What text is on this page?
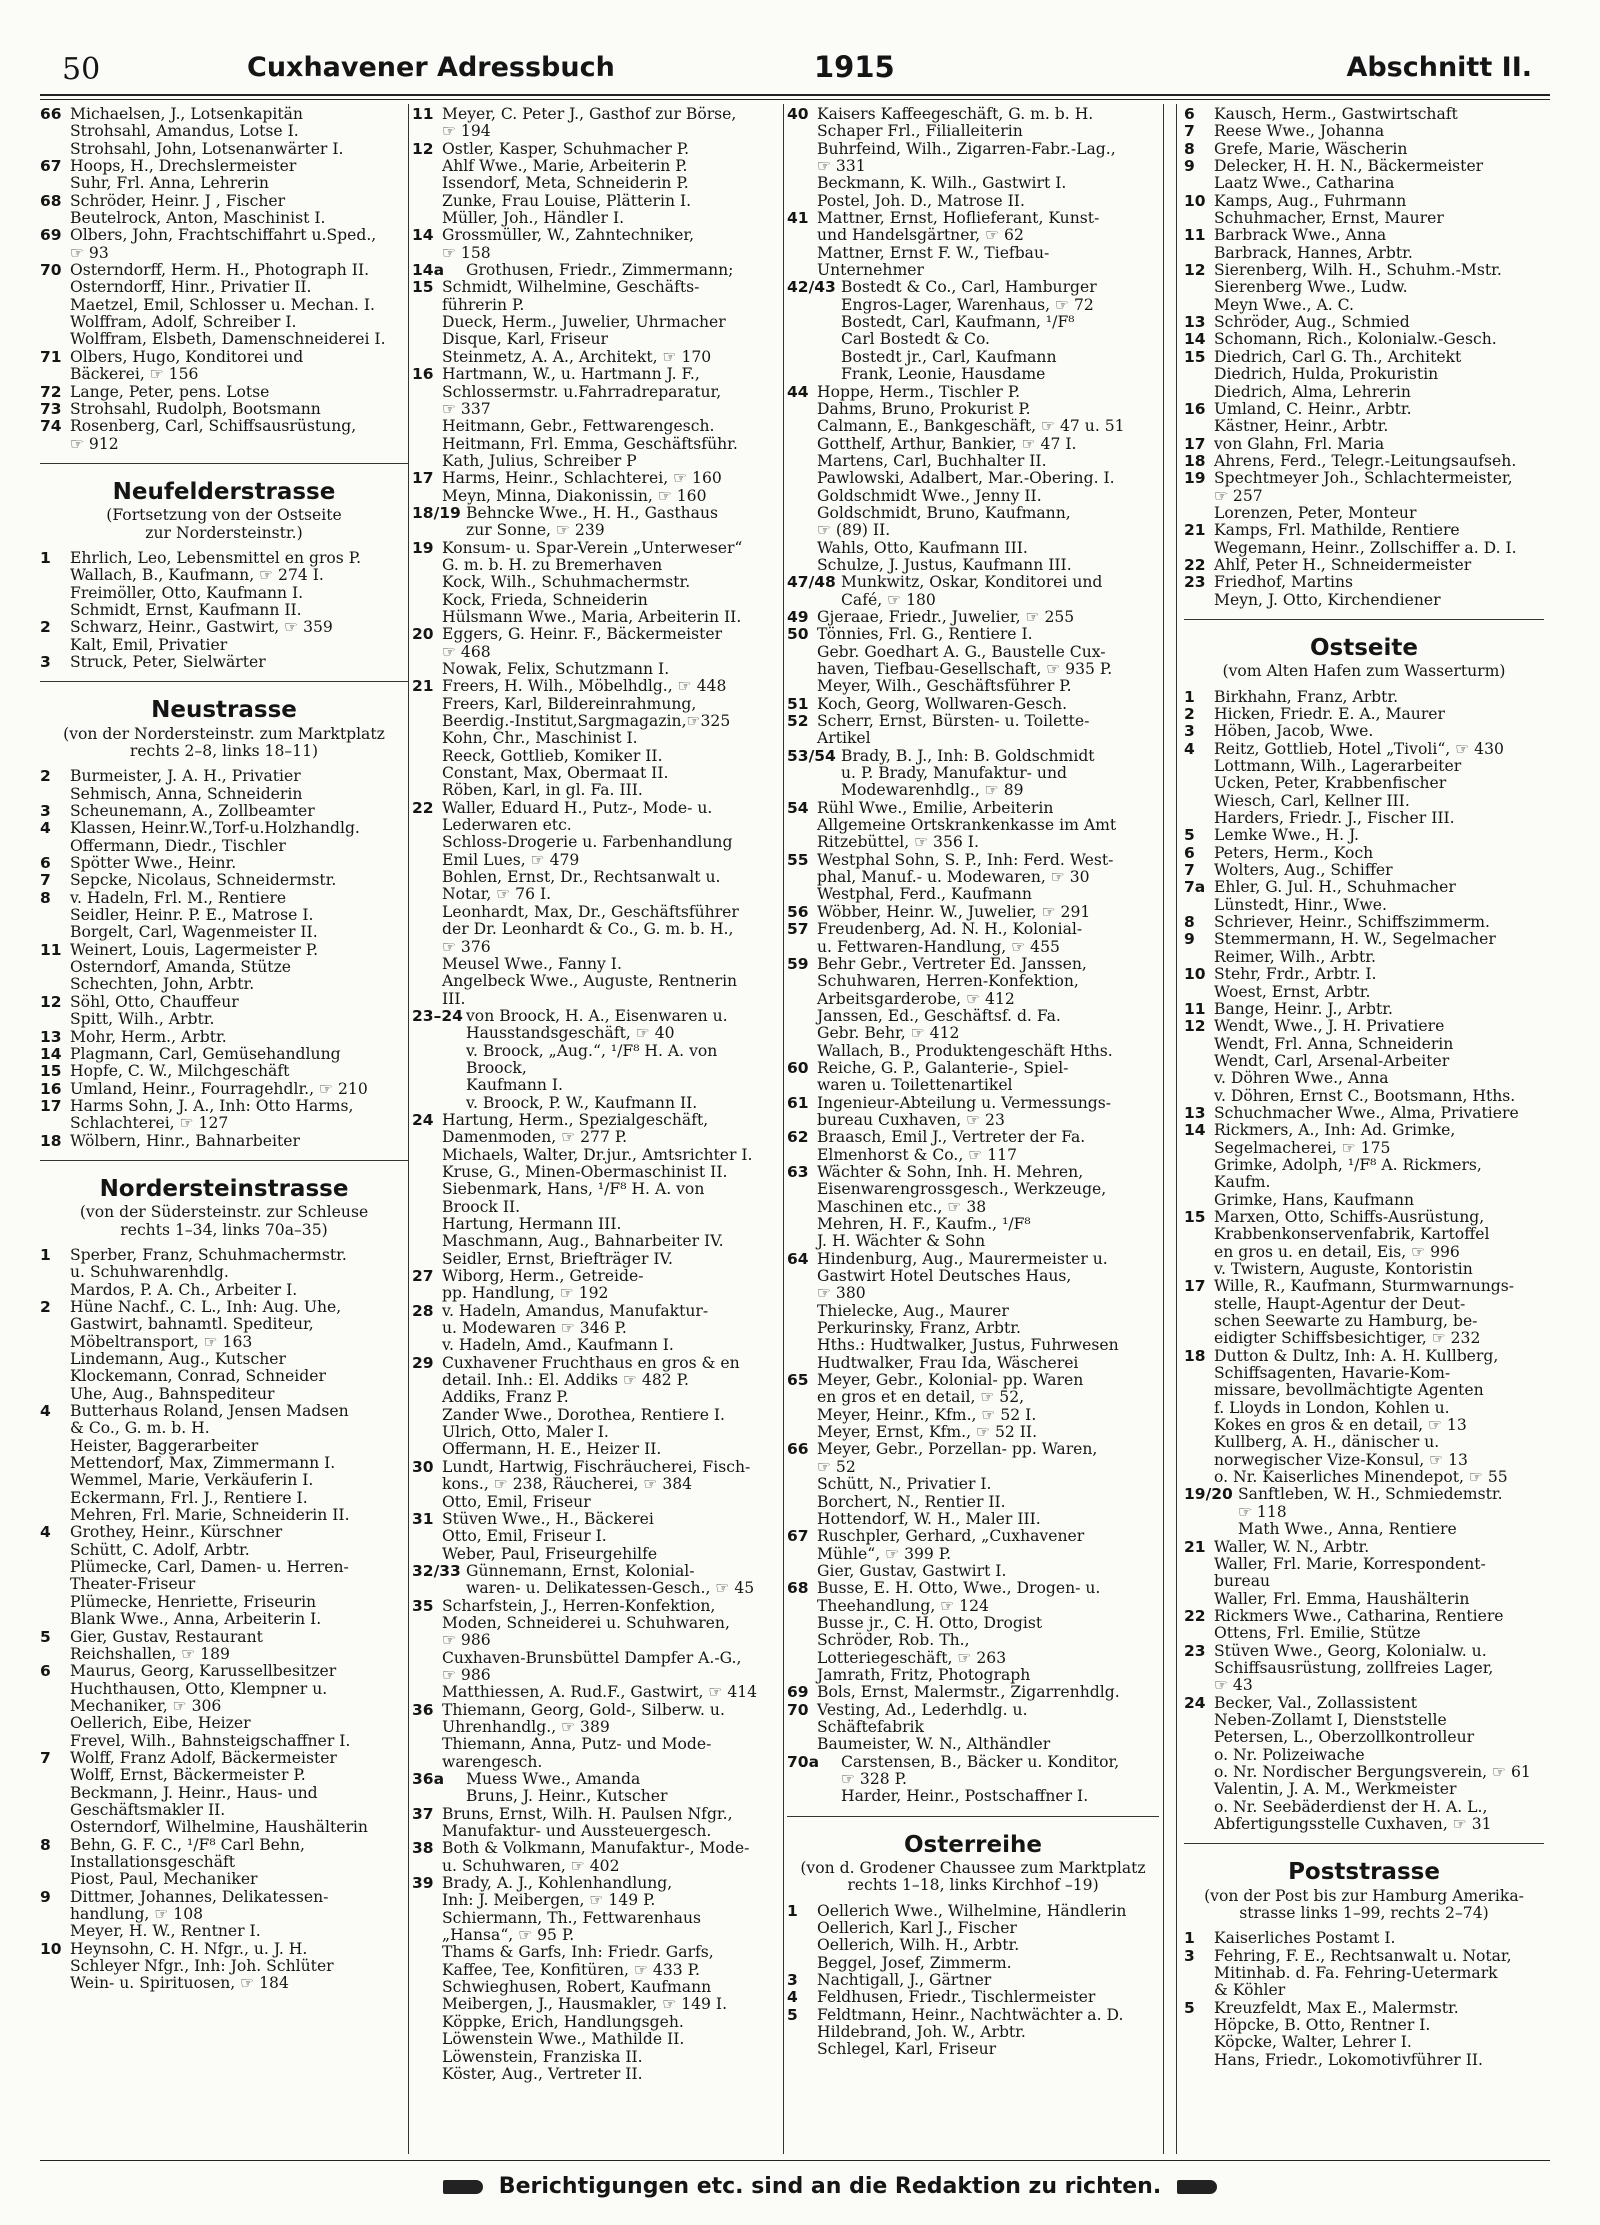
50	Cuxhavener Adressbuch	1915	Abschnitt II.
66 Michaelsen, J., Lotsenkapitän
Strohsahl, Amandus, Lotse I.
Strohsahl, John, Lotsenanwärter I.
67 Hoops, H., Drechslermeister
Suhr, Frl. Anna, Lehrerin
68 Schröder, Heinr. J , Fischer
Beutelrock, Anton, Maschinist I.
69 Olbers, John, Frachtschiffahrt u.Sped.,
☞ 93
70 Osterndorff, Herm. H., Photograph II.
Osterndorff, Hinr., Privatier II.
Maetzel, Emil, Schlosser u. Mechan. I.
Wolffram, Adolf, Schreiber I.
Wolffram, Elsbeth, Damenschneiderei I.
71 Olbers, Hugo, Konditorei und
Bäckerei, ☞ 156
72 Lange, Peter, pens. Lotse
73 Strohsahl, Rudolph, Bootsmann
74 Rosenberg, Carl, Schiffsausrüstung,
☞ 912
Neufelderstrasse
(Fortsetzung von der Ostseite
zur Nordersteinstr.)
1 Ehrlich, Leo, Lebensmittel en gros P.
Wallach, B., Kaufmann, ☞ 274 I.
Freimöller, Otto, Kaufmann I.
Schmidt, Ernst, Kaufmann II.
2 Schwarz, Heinr., Gastwirt, ☞ 359
Kalt, Emil, Privatier
3 Struck, Peter, Sielwärter
Neustrasse
(von der Nordersteinstr. zum Marktplatz
rechts 2–8, links 18–11)
2 Burmeister, J. A. H., Privatier
Sehmisch, Anna, Schneiderin
3 Scheunemann, A., Zollbeamter
4 Klassen, Heinr.W.,Torf-u.Holzhandlg.
Offermann, Diedr., Tischler
6 Spötter Wwe., Heinr.
7 Sepcke, Nicolaus, Schneidermstr.
8 v. Hadeln, Frl. M., Rentiere
Seidler, Heinr. P. E., Matrose I.
Borgelt, Carl, Wagenmeister II.
11 Weinert, Louis, Lagermeister P.
Osterndorf, Amanda, Stütze
Schechten, John, Arbtr.
12 Söhl, Otto, Chauffeur
Spitt, Wilh., Arbtr.
13 Mohr, Herm., Arbtr.
14 Plagmann, Carl, Gemüsehandlung
15 Hopfe, C. W., Milchgeschäft
16 Umland, Heinr., Fourragehdlr., ☞ 210
17 Harms Sohn, J. A., Inh: Otto Harms,
Schlachterei, ☞ 127
18 Wölbern, Hinr., Bahnarbeiter
Nordersteinstrasse
(von der Südersteinstr. zur Schleuse
rechts 1–34, links 70a–35)
1 Sperber, Franz, Schuhmachermstr.
u. Schuhwarenhdlg.
Mardos, P. A. Ch., Arbeiter I.
2 Hüne Nachf., C. L., Inh: Aug. Uhe,
Gastwirt, bahnamtl. Spediteur,
Möbeltransport, ☞ 163
Lindemann, Aug., Kutscher
Klockemann, Conrad, Schneider
Uhe, Aug., Bahnspediteur
4 Butterhaus Roland, Jensen Madsen
& Co., G. m. b. H.
Heister, Baggerarbeiter
Mettendorf, Max, Zimmermann I.
Wemmel, Marie, Verkäuferin I.
Eckermann, Frl. J., Rentiere I.
Mehren, Frl. Marie, Schneiderin II.
4 Grothey, Heinr., Kürschner
Schütt, C. Adolf, Arbtr.
Plümecke, Carl, Damen- u. Herren-
Theater-Friseur
Plümecke, Henriette, Friseurin
Blank Wwe., Anna, Arbeiterin I.
5 Gier, Gustav, Restaurant
Reichshallen, ☞ 189
6 Maurus, Georg, Karussellbesitzer
Huchthausen, Otto, Klempner u.
Mechaniker, ☞ 306
Oellerich, Eibe, Heizer
Frevel, Wilh., Bahnsteigschaffner I.
7 Wolff, Franz Adolf, Bäckermeister
Wolff, Ernst, Bäckermeister P.
Beckmann, J. Heinr., Haus- und
Geschäftsmakler II.
Osterndorf, Wilhelmine, Haushälterin
8 Behn, G. F. C., ¹/F⁸ Carl Behn,
Installationsgeschäft
Piost, Paul, Mechaniker
9 Dittmer, Johannes, Delikatessen-
handlung, ☞ 108
Meyer, H. W., Rentner I.
10 Heynsohn, C. H. Nfgr., u. J. H.
Schleyer Nfgr., Inh: Joh. Schlüter
Wein- u. Spirituosen, ☞ 184
11 Meyer, C. Peter J., Gasthof zur Börse,
☞ 194
12 Ostler, Kasper, Schuhmacher P.
Ahlf Wwe., Marie, Arbeiterin P.
Issendorf, Meta, Schneiderin P.
Zunke, Frau Louise, Plätterin I.
Müller, Joh., Händler I.
14 Grossmüller, W., Zahntechniker,
☞ 158
14a Grothusen, Friedr., Zimmermann;
15 Schmidt, Wilhelmine, Geschäfts-
führerin P.
Dueck, Herm., Juwelier, Uhrmacher
Disque, Karl, Friseur
Steinmetz, A. A., Architekt, ☞ 170
16 Hartmann, W., u. Hartmann J. F.,
Schlossermstr. u.Fahrradreparatur,
☞ 337
Heitmann, Gebr., Fettwarengesch.
Heitmann, Frl. Emma, Geschäftsführ.
Kath, Julius, Schreiber P
17 Harms, Heinr., Schlachterei, ☞ 160
Meyn, Minna, Diakonissin, ☞ 160
18/19 Behncke Wwe., H. H., Gasthaus
zur Sonne, ☞ 239
19 Konsum- u. Spar-Verein „Unterweser“
G. m. b. H. zu Bremerhaven
Kock, Wilh., Schuhmachermstr.
Kock, Frieda, Schneiderin
Hülsmann Wwe., Maria, Arbeiterin II.
20 Eggers, G. Heinr. F., Bäckermeister
☞ 468
Nowak, Felix, Schutzmann I.
21 Freers, H. Wilh., Möbelhdlg., ☞ 448
Freers, Karl, Bildereinrahmung,
Beerdig.-Institut,Sargmagazin,☞325
Kohn, Chr., Maschinist I.
Reeck, Gottlieb, Komiker II.
Constant, Max, Obermaat II.
Röben, Karl, in gl. Fa. III.
22 Waller, Eduard H., Putz-, Mode- u.
Lederwaren etc.
Schloss-Drogerie u. Farbenhandlung
Emil Lues, ☞ 479
Bohlen, Ernst, Dr., Rechtsanwalt u.
Notar, ☞ 76 I.
Leonhardt, Max, Dr., Geschäftsführer
der Dr. Leonhardt & Co., G. m. b. H.,
☞ 376
Meusel Wwe., Fanny I.
Angelbeck Wwe., Auguste, Rentnerin
III.
23–24 von Broock, H. A., Eisenwaren u.
Hausstandsgeschäft, ☞ 40
v. Broock, „Aug.“, ¹/F⁸ H. A. von Broock,
Kaufmann I.
v. Broock, P. W., Kaufmann II.
24 Hartung, Herm., Spezialgeschäft,
Damenmoden, ☞ 277 P.
Michaels, Walter, Dr.jur., Amtsrichter I.
Kruse, G., Minen-Obermaschinist II.
Siebenmark, Hans, ¹/F⁸ H. A. von
Broock II.
Hartung, Hermann III.
Maschmann, Aug., Bahnarbeiter IV.
Seidler, Ernst, Briefträger IV.
27 Wiborg, Herm., Getreide-
pp. Handlung, ☞ 192
28 v. Hadeln, Amandus, Manufaktur-
u. Modewaren ☞ 346 P.
v. Hadeln, Amd., Kaufmann I.
29 Cuxhavener Fruchthaus en gros & en
detail. Inh.: El. Addiks ☞ 482 P.
Addiks, Franz P.
Zander Wwe., Dorothea, Rentiere I.
Ulrich, Otto, Maler I.
Offermann, H. E., Heizer II.
30 Lundt, Hartwig, Fischräucherei, Fisch-
kons., ☞ 238, Räucherei, ☞ 384
Otto, Emil, Friseur
31 Stüven Wwe., H., Bäckerei
Otto, Emil, Friseur I.
Weber, Paul, Friseurgehilfe
32/33 Günnemann, Ernst, Kolonial-
waren- u. Delikatessen-Gesch., ☞ 45
35 Scharfstein, J., Herren-Konfektion,
Moden, Schneiderei u. Schuhwaren,
☞ 986
Cuxhaven-Brunsbüttel Dampfer A.-G.,
☞ 986
Matthiessen, A. Rud.F., Gastwirt, ☞ 414
36 Thiemann, Georg, Gold-, Silberw. u.
Uhrenhandlg., ☞ 389
Thiemann, Anna, Putz- und Mode-
warengesch.
36a Muess Wwe., Amanda
Bruns, J. Heinr., Kutscher
37 Bruns, Ernst, Wilh. H. Paulsen Nfgr.,
Manufaktur- und Aussteuergesch.
38 Both & Volkmann, Manufaktur-, Mode-
u. Schuhwaren, ☞ 402
39 Brady, A. J., Kohlenhandlung,
Inh: J. Meibergen, ☞ 149 P.
Schiermann, Th., Fettwarenhaus
„Hansa“, ☞ 95 P.
Thams & Garfs, Inh: Friedr. Garfs,
Kaffee, Tee, Konfitüren, ☞ 433 P.
Schwieghusen, Robert, Kaufmann
Meibergen, J., Hausmakler, ☞ 149 I.
Köppke, Erich, Handlungsgeh.
Löwenstein Wwe., Mathilde II.
Löwenstein, Franziska II.
Köster, Aug., Vertreter II.
40 Kaisers Kaffeegeschäft, G. m. b. H.
Schaper Frl., Filialleiterin
Buhrfeind, Wilh., Zigarren-Fabr.-Lag.,
☞ 331
Beckmann, K. Wilh., Gastwirt I.
Postel, Joh. D., Matrose II.
41 Mattner, Ernst, Hoflieferant, Kunst-
und Handelsgärtner, ☞ 62
Mattner, Ernst F. W., Tiefbau-
Unternehmer
42/43 Bostedt & Co., Carl, Hamburger
Engros-Lager, Warenhaus, ☞ 72
Bostedt, Carl, Kaufmann, ¹/F⁸
Carl Bostedt & Co.
Bostedt jr., Carl, Kaufmann
Frank, Leonie, Hausdame
44 Hoppe, Herm., Tischler P.
Dahms, Bruno, Prokurist P.
Calmann, E., Bankgeschäft, ☞ 47 u. 51
Gotthelf, Arthur, Bankier, ☞ 47 I.
Martens, Carl, Buchhalter II.
Pawlowski, Adalbert, Mar.-Obering. I.
Goldschmidt Wwe., Jenny II.
Goldschmidt, Bruno, Kaufmann,
☞ (89) II.
Wahls, Otto, Kaufmann III.
Schulze, J. Justus, Kaufmann III.
47/48 Munkwitz, Oskar, Konditorei und
Café, ☞ 180
49 Gjeraae, Friedr., Juwelier, ☞ 255
50 Tönnies, Frl. G., Rentiere I.
Gebr. Goedhart A. G., Baustelle Cux-
haven, Tiefbau-Gesellschaft, ☞ 935 P.
Meyer, Wilh., Geschäftsführer P.
51 Koch, Georg, Wollwaren-Gesch.
52 Scherr, Ernst, Bürsten- u. Toilette-
Artikel
53/54 Brady, B. J., Inh: B. Goldschmidt
u. P. Brady, Manufaktur- und
Modewarenhdlg., ☞ 89
54 Rühl Wwe., Emilie, Arbeiterin
Allgemeine Ortskrankenkasse im Amt
Ritzebüttel, ☞ 356 I.
55 Westphal Sohn, S. P., Inh: Ferd. West-
phal, Manuf.- u. Modewaren, ☞ 30
Westphal, Ferd., Kaufmann
56 Wöbber, Heinr. W., Juwelier, ☞ 291
57 Freudenberg, Ad. N. H., Kolonial-
u. Fettwaren-Handlung, ☞ 455
59 Behr Gebr., Vertreter Ed. Janssen,
Schuhwaren, Herren-Konfektion,
Arbeitsgarderobe, ☞ 412
Janssen, Ed., Geschäftsf. d. Fa.
Gebr. Behr, ☞ 412
Wallach, B., Produktengeschäft Hths.
60 Reiche, G. P., Galanterie-, Spiel-
waren u. Toilettenartikel
61 Ingenieur-Abteilung u. Vermessungs-
bureau Cuxhaven, ☞ 23
62 Braasch, Emil J., Vertreter der Fa.
Elmenhorst & Co., ☞ 117
63 Wächter & Sohn, Inh. H. Mehren,
Eisenwarengrossgesch., Werkzeuge,
Maschinen etc., ☞ 38
Mehren, H. F., Kaufm., ¹/F⁸
J. H. Wächter & Sohn
64 Hindenburg, Aug., Maurermeister u.
Gastwirt Hotel Deutsches Haus,
☞ 380
Thielecke, Aug., Maurer
Perkurinsky, Franz, Arbtr.
Hths.: Hudtwalker, Justus, Fuhrwesen
Hudtwalker, Frau Ida, Wäscherei
65 Meyer, Gebr., Kolonial- pp. Waren
en gros et en detail, ☞ 52,
Meyer, Heinr., Kfm., ☞ 52 I.
Meyer, Ernst, Kfm., ☞ 52 II.
66 Meyer, Gebr., Porzellan- pp. Waren,
☞ 52
Schütt, N., Privatier I.
Borchert, N., Rentier II.
Hottendorf, W. H., Maler III.
67 Ruschpler, Gerhard, „Cuxhavener
Mühle“, ☞ 399 P.
Gier, Gustav, Gastwirt I.
68 Busse, E. H. Otto, Wwe., Drogen- u.
Theehandlung, ☞ 124
Busse jr., C. H. Otto, Drogist
Schröder, Rob. Th.,
Lotteriegeschäft, ☞ 263
Jamrath, Fritz, Photograph
69 Bols, Ernst, Malermstr., Zigarrenhdlg.
70 Vesting, Ad., Lederhdlg. u.
Schäftefabrik
Baumeister, W. N., Althändler
70a Carstensen, B., Bäcker u. Konditor,
☞ 328 P.
Harder, Heinr., Postschaffner I.
Osterreihe
(von d. Grodener Chaussee zum Marktplatz
rechts 1–18, links Kirchhof –19)
1 Oellerich Wwe., Wilhelmine, Händlerin
Oellerich, Karl J., Fischer
Oellerich, Wilh. H., Arbtr.
Beggel, Josef, Zimmerm.
3 Nachtigall, J., Gärtner
4 Feldhusen, Friedr., Tischlermeister
5 Feldtmann, Heinr., Nachtwächter a. D.
Hildebrand, Joh. W., Arbtr.
Schlegel, Karl, Friseur
6 Kausch, Herm., Gastwirtschaft
7 Reese Wwe., Johanna
8 Grefe, Marie, Wäscherin
9 Delecker, H. H. N., Bäckermeister
Laatz Wwe., Catharina
10 Kamps, Aug., Fuhrmann
Schuhmacher, Ernst, Maurer
11 Barbrack Wwe., Anna
Barbrack, Hannes, Arbtr.
12 Sierenberg, Wilh. H., Schuhm.-Mstr.
Sierenberg Wwe., Ludw.
Meyn Wwe., A. C.
13 Schröder, Aug., Schmied
14 Schomann, Rich., Kolonialw.-Gesch.
15 Diedrich, Carl G. Th., Architekt
Diedrich, Hulda, Prokuristin
Diedrich, Alma, Lehrerin
16 Umland, C. Heinr., Arbtr.
Kästner, Heinr., Arbtr.
17 von Glahn, Frl. Maria
18 Ahrens, Ferd., Telegr.-Leitungsaufseh.
19 Spechtmeyer Joh., Schlachtermeister,
☞ 257
Lorenzen, Peter, Monteur
21 Kamps, Frl. Mathilde, Rentiere
Wegemann, Heinr., Zollschiffer a. D. I.
22 Ahlf, Peter H., Schneidermeister
23 Friedhof, Martins
Meyn, J. Otto, Kirchendiener
Ostseite
(vom Alten Hafen zum Wasserturm)
1 Birkhahn, Franz, Arbtr.
2 Hicken, Friedr. E. A., Maurer
3 Höben, Jacob, Wwe.
4 Reitz, Gottlieb, Hotel „Tivoli“, ☞ 430
Lottmann, Wilh., Lagerarbeiter
Ucken, Peter, Krabbenfischer
Wiesch, Carl, Kellner III.
Harders, Friedr. J., Fischer III.
5 Lemke Wwe., H. J.
6 Peters, Herm., Koch
7 Wolters, Aug., Schiffer
7a Ehler, G. Jul. H., Schuhmacher
Lünstedt, Hinr., Wwe.
8 Schriever, Heinr., Schiffszimmerm.
9 Stemmermann, H. W., Segelmacher
Reimer, Wilh., Arbtr.
10 Stehr, Frdr., Arbtr. I.
Woest, Ernst, Arbtr.
11 Bange, Heinr. J., Arbtr.
12 Wendt, Wwe., J. H. Privatiere
Wendt, Frl. Anna, Schneiderin
Wendt, Carl, Arsenal-Arbeiter
v. Döhren Wwe., Anna
v. Döhren, Ernst C., Bootsmann, Hths.
13 Schuchmacher Wwe., Alma, Privatiere
14 Rickmers, A., Inh: Ad. Grimke,
Segelmacherei, ☞ 175
Grimke, Adolph, ¹/F⁸ A. Rickmers,
Kaufm.
Grimke, Hans, Kaufmann
15 Marxen, Otto, Schiffs-Ausrüstung,
Krabbenkonservenfabrik, Kartoffel
en gros u. en detail, Eis, ☞ 996
v. Twistern, Auguste, Kontoristin
17 Wille, R., Kaufmann, Sturmwarnungs-
stelle, Haupt-Agentur der Deut-
schen Seewarte zu Hamburg, be-
eidigter Schiffsbesichtiger, ☞ 232
18 Dutton & Dultz, Inh: A. H. Kullberg,
Schiffsagenten, Havarie-Kom-
missare, bevollmächtigte Agenten
f. Lloyds in London, Kohlen u.
Kokes en gros & en detail, ☞ 13
Kullberg, A. H., dänischer u.
norwegischer Vize-Konsul, ☞ 13
o. Nr. Kaiserliches Minendepot, ☞ 55
19/20 Sanftleben, W. H., Schmiedemstr.
☞ 118
Math Wwe., Anna, Rentiere
21 Waller, W. N., Arbtr.
Waller, Frl. Marie, Korrespondent-
bureau
Waller, Frl. Emma, Haushälterin
22 Rickmers Wwe., Catharina, Rentiere
Ottens, Frl. Emilie, Stütze
23 Stüven Wwe., Georg, Kolonialw. u.
Schiffsausrüstung, zollfreies Lager,
☞ 43
24 Becker, Val., Zollassistent
Neben-Zollamt I, Dienststelle
Petersen, L., Oberzollkontrolleur
o. Nr. Polizeiwache
o. Nr. Nordischer Bergungsverein, ☞ 61
Valentin, J. A. M., Werkmeister
o. Nr. Seebäderdienst der H. A. L.,
Abfertigungsstelle Cuxhaven, ☞ 31
Poststrasse
(von der Post bis zur Hamburg Amerika-
strasse links 1–99, rechts 2–74)
1 Kaiserliches Postamt I.
3 Fehring, F. E., Rechtsanwalt u. Notar,
Mitinhab. d. Fa. Fehring-Uetermark
& Köhler
5 Kreuzfeldt, Max E., Malermstr.
Höpcke, B. Otto, Rentner I.
Köpcke, Walter, Lehrer I.
Hans, Friedr., Lokomotivführer II.
Berichtigungen etc. sind an die Redaktion zu richten.
